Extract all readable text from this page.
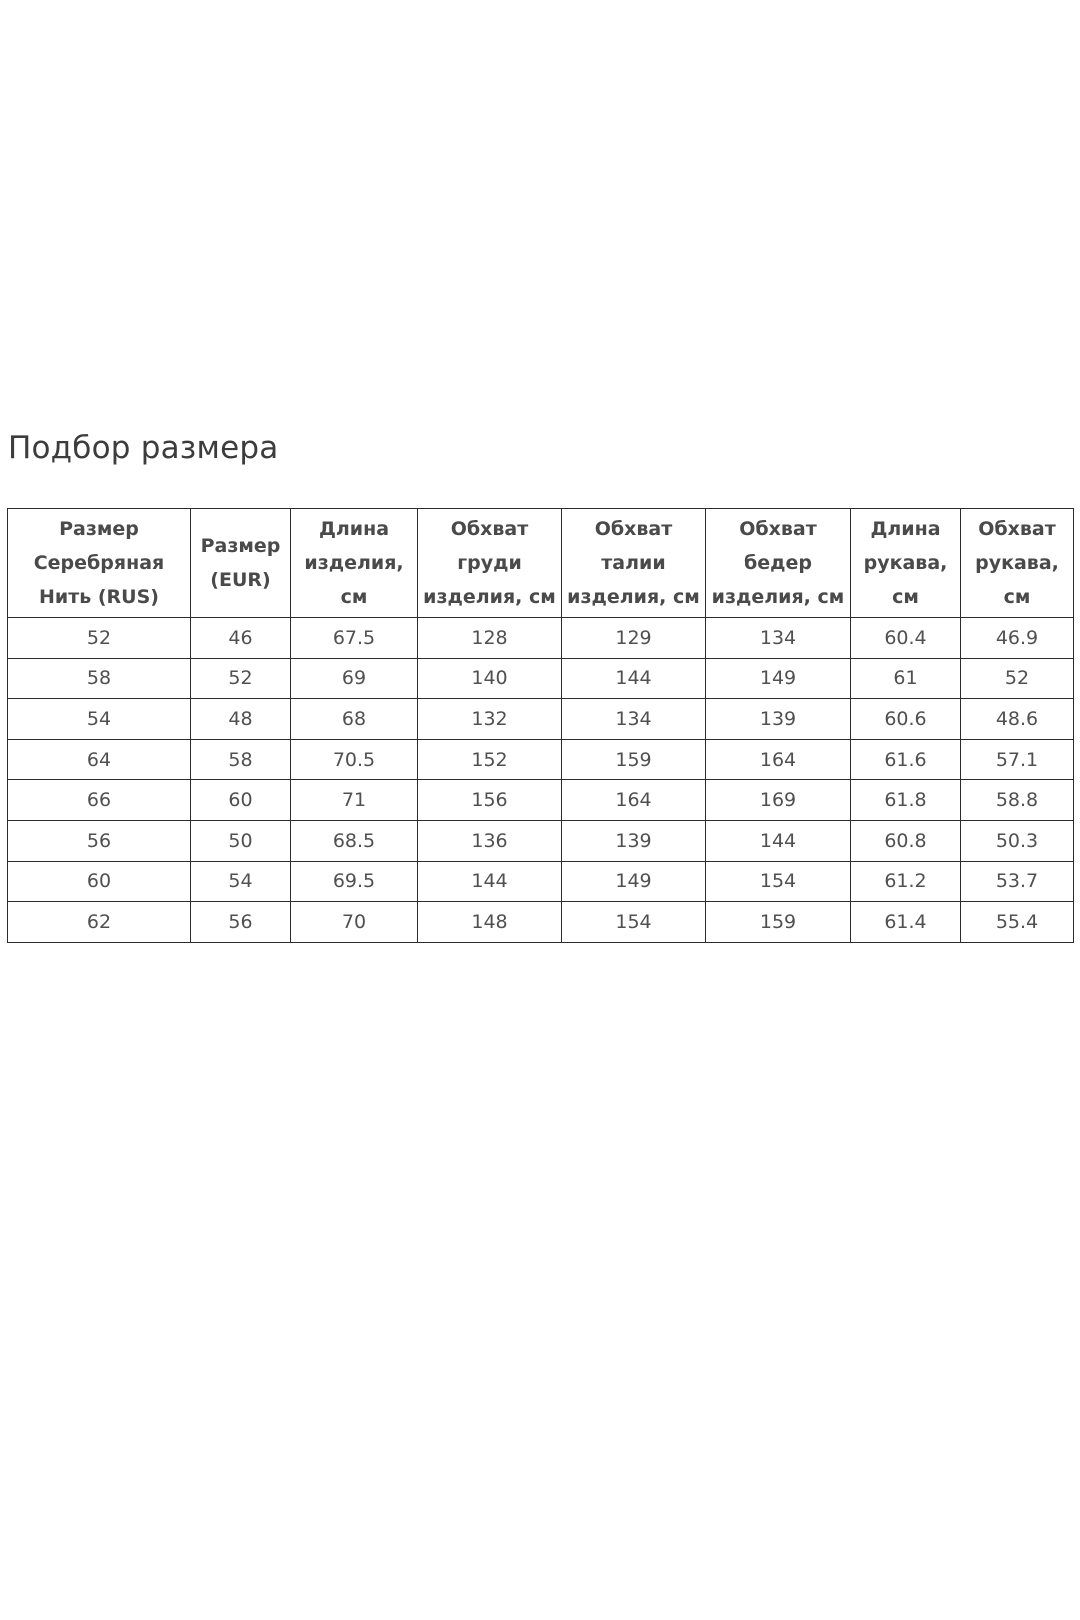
Подбор размера
Размер Серебряная Нить (RUS)	Размер (EUR)	Длина изделия, см	Обхват груди изделия, см	Обхват талии изделия, см	Обхват бедер изделия, см	Длина рукава, см	Обхват рукава, см
52	46	67.5	128	129	134	60.4	46.9
58	52	69	140	144	149	61	52
54	48	68	132	134	139	60.6	48.6
64	58	70.5	152	159	164	61.6	57.1
66	60	71	156	164	169	61.8	58.8
56	50	68.5	136	139	144	60.8	50.3
60	54	69.5	144	149	154	61.2	53.7
62	56	70	148	154	159	61.4	55.4
